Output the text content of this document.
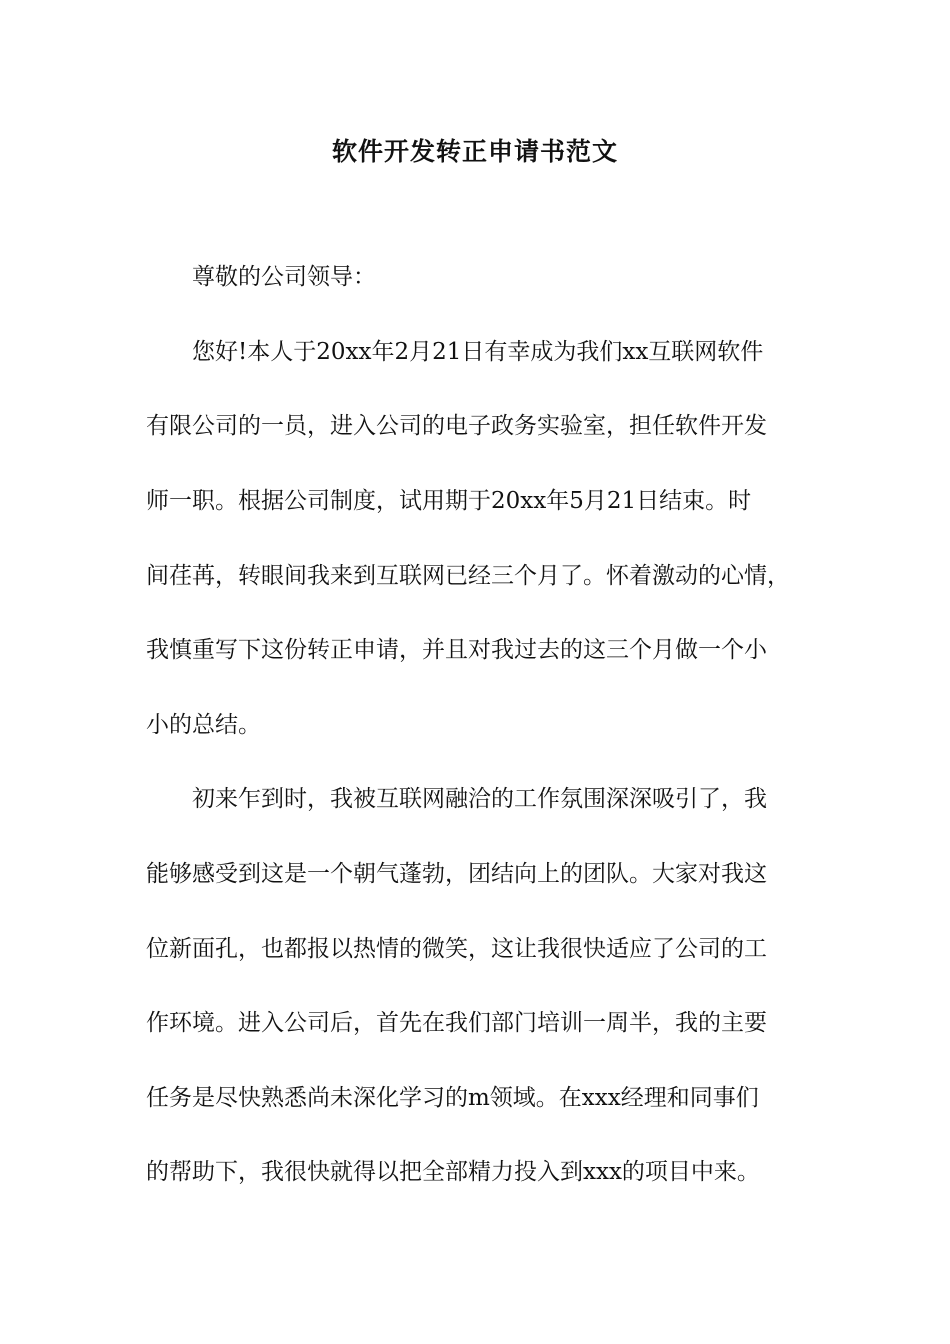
软件开发转正申请书范文

尊敬的公司领导：

您好!本人于20xx年2月21日有幸成为我们xx互联网软件

有限公司的一员，进入公司的电子政务实验室，担任软件开发

师一职。根据公司制度，试用期于20xx年5月21日结束。时

间荏苒，转眼间我来到互联网已经三个月了。怀着激动的心情，

我慎重写下这份转正申请，并且对我过去的这三个月做一个小

小的总结。

初来乍到时，我被互联网融洽的工作氛围深深吸引了，我

能够感受到这是一个朝气蓬勃，团结向上的团队。大家对我这

位新面孔，也都报以热情的微笑，这让我很快适应了公司的工

作环境。进入公司后，首先在我们部门培训一周半，我的主要

任务是尽快熟悉尚未深化学习的m领域。在xxx经理和同事们

的帮助下，我很快就得以把全部精力投入到xxx的项目中来。
